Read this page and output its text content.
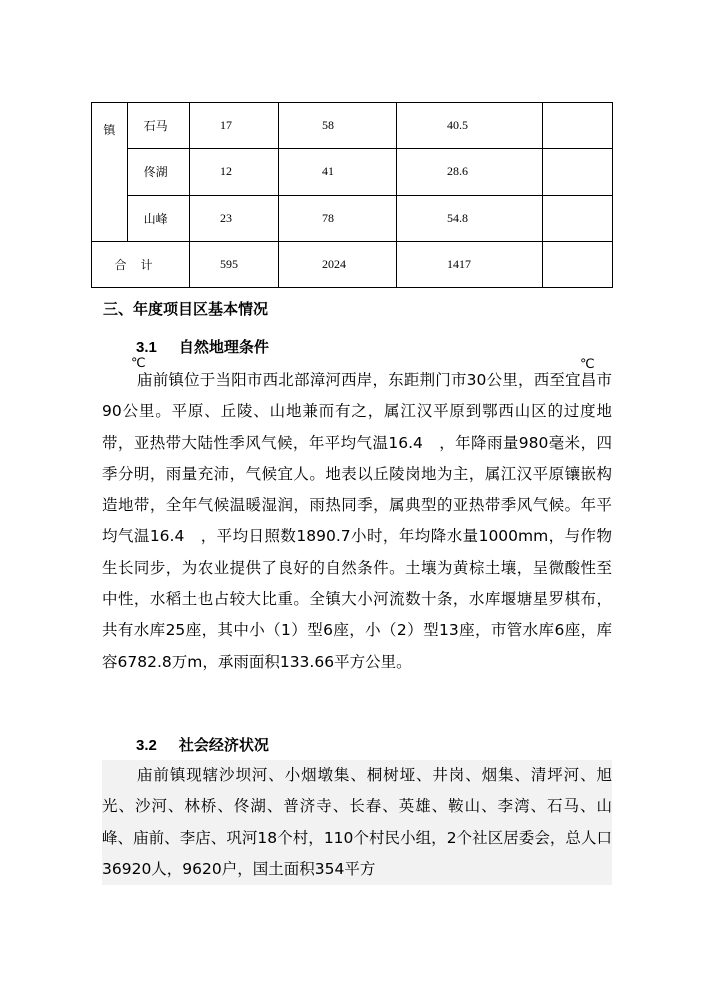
镇	石马	17	58	40.5	
	佟湖	12	41	28.6	
	山峰	23	78	54.8	
合计		595	2024	1417	
三、年度项目区基本情况
3.1 自然地理条件
℃	℃

庙前镇位于当阳市西北部漳河西岸，东距荆门市30公里，西至宜昌市90公里。平原、丘陵、山地兼而有之，属江汉平原到鄂西山区的过度地带，亚热带大陆性季风气候，年平均气温16.4　，年降雨量980毫米，四季分明，雨量充沛，气候宜人。地表以丘陵岗地为主，属江汉平原镶嵌构造地带，全年气候温暖湿润，雨热同季，属典型的亚热带季风气候。年平均气温16.4　，平均日照数1890.7小时，年均降水量1000mm，与作物生长同步，为农业提供了良好的自然条件。土壤为黄棕土壤，呈微酸性至中性，水稻土也占较大比重。全镇大小河流数十条，水库堰塘星罗棋布，共有水库25座，其中小（1）型6座，小（2）型13座，市管水库6座，库容6782.8万m，承雨面积133.66平方公里。

3.2 社会经济状况

庙前镇现辖沙坝河、小烟墩集、桐树垭、井岗、烟集、清坪河、旭光、沙河、林桥、佟湖、普济寺、长春、英雄、鞍山、李湾、石马、山峰、庙前、李店、巩河18个村，110个村民小组，2个社区居委会，总人口36920人，9620户，国土面积354平方
